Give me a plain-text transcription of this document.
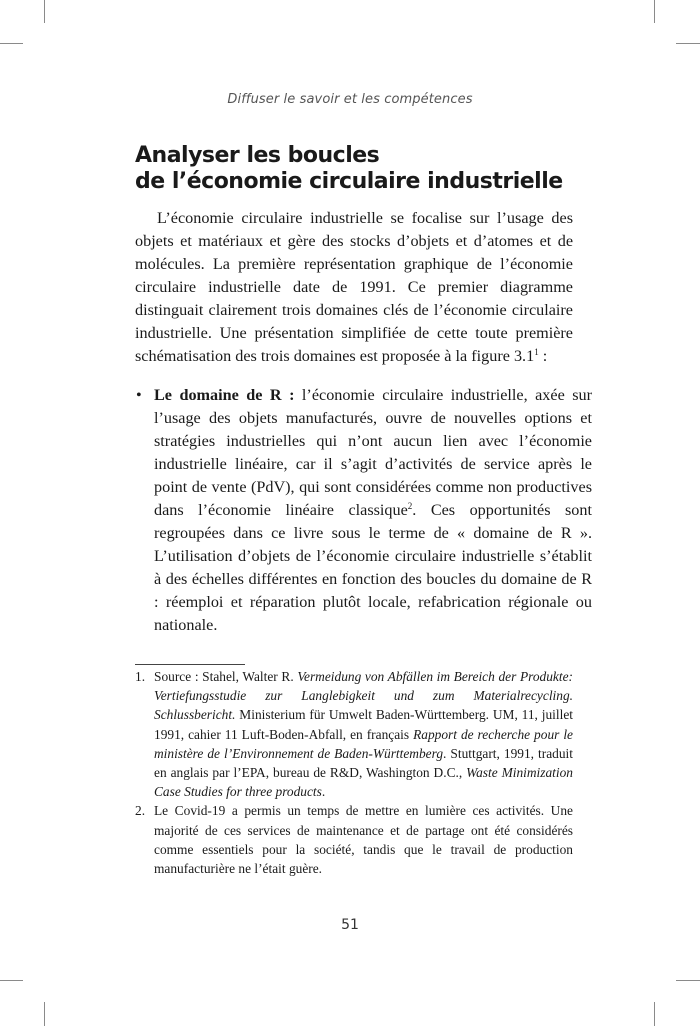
Diffuser le savoir et les compétences
Analyser les boucles
de l’économie circulaire industrielle

L’économie circulaire industrielle se focalise sur l’usage des objets et matériaux et gère des stocks d’objets et d’atomes et de molécules. La première représentation graphique de l’économie circulaire industrielle date de 1991. Ce premier diagramme distinguait clairement trois domaines clés de l’économie circulaire industrielle. Une présentation simplifiée de cette toute première schématisation des trois domaines est proposée à la figure $3.1^1$ :

• Le domaine de R : l’économie circulaire industrielle, axée sur l’usage des objets manufacturés, ouvre de nouvelles options et stratégies industrielles qui n’ont aucun lien avec l’économie industrielle linéaire, car il s’agit d’activités de service après le point de vente (PdV), qui sont considérées comme non productives dans l’économie linéaire classique$^2$. Ces opportunités sont regroupées dans ce livre sous le terme de « domaine de R ». L’utilisation d’objets de l’économie circulaire industrielle s’établit à des échelles différentes en fonction des boucles du domaine de R : réemploi et réparation plutôt locale, refabrication régionale ou nationale.

1. Source : Stahel, Walter R. Vermeidung von Abfällen im Bereich der Produkte: Vertiefungsstudie zur Langlebigkeit und zum Materialrecycling. Schlussbericht. Ministerium für Umwelt Baden-Württemberg. UM, 11, juillet 1991, cahier 11 Luft-Boden-Abfall, en français Rapport de recherche pour le ministère de l’Environnement de Baden-Württemberg. Stuttgart, 1991, traduit en anglais par l’EPA, bureau de R&D, Washington D.C., Waste Minimization Case Studies for three products.

2. Le Covid-19 a permis un temps de mettre en lumière ces activités. Une majorité de ces services de maintenance et de partage ont été considérés comme essentiels pour la société, tandis que le travail de production manufacturière ne l’était guère.

51
